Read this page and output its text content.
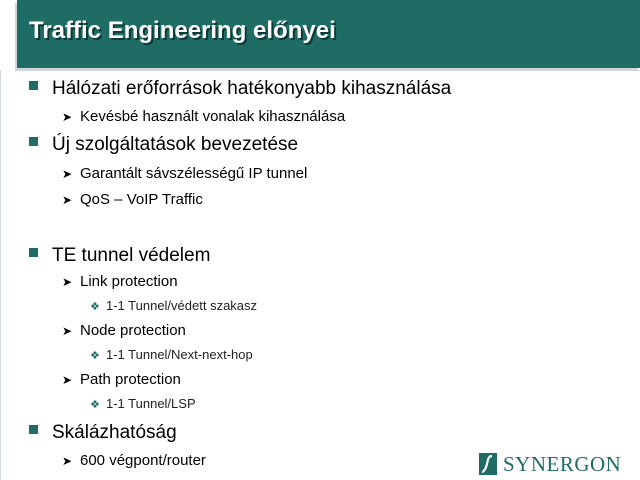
Traffic Engineering előnyei
Hálózati erőforrások hatékonyabb kihasználása
➤ Kevésbé használt vonalak kihasználása
Új szolgáltatások bevezetése
➤ Garantált sávszélességű IP tunnel
➤ QoS – VoIP Traffic
TE tunnel védelem
➤ Link protection
❖ 1-1 Tunnel/védett szakasz
➤ Node protection
❖ 1-1 Tunnel/Next-next-hop
➤ Path protection
❖ 1-1 Tunnel/LSP
Skálázhatóság
➤ 600 végpont/router	SYNERGON
